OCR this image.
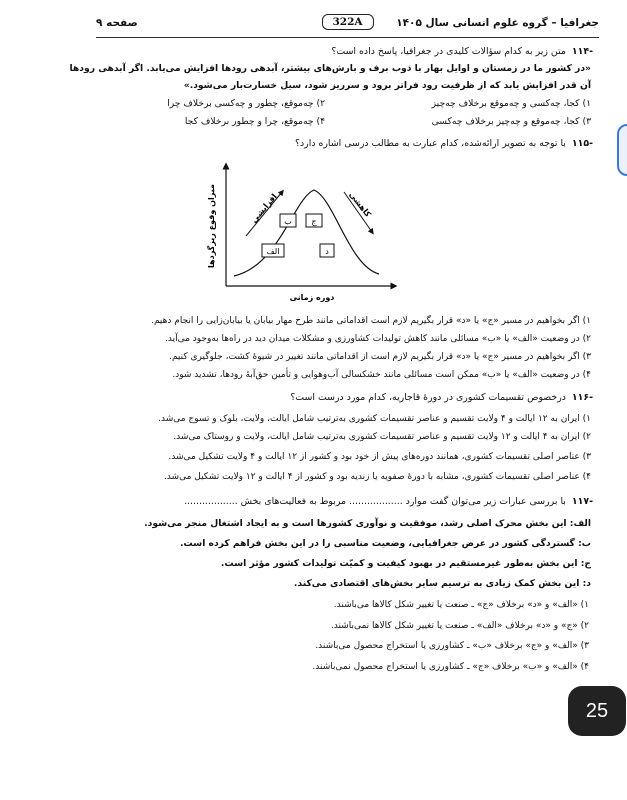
جغرافیا – گروه علوم انسانی سال ۱۴۰۵
322A
صفحه ۹
-۱۱۴متن زیر به کدام سؤالات کلیدی در جغرافیا، پاسخ داده است؟
«در کشور ما در زمستان و اوایل بهار با ذوب برف و بارش‌های بیشتر، آبدهی رودها افزایش می‌یابد. اگر آبدهی رودها
آن قدر افزایش یابد که از ظرفیت رود فراتر برود و سرریز شود، سیل خسارت‌بار می‌شود.»
۱) کجا، چه‌کسی و چه‌موقع برخلاف چه‌چیز
۲) چه‌موقع، چطور و چه‌کسی برخلاف چرا
۳) کجا، چه‌موقع و چه‌چیز برخلاف چه‌کسی
۴) چه‌موقع، چرا و چطور برخلاف کجا
-۱۱۵با توجه به تصویر ارائه‌شده، کدام عبارت به مطالب درسی اشاره دارد؟
افزایشی	کاهشی
ب ج
الف	د
میزان وقوع ریزگردها
دوره زمانی
۱) اگر بخواهیم در مسیر «ج» یا «د» قرار بگیریم لازم است اقداماتی مانند طرح مهار بیابان یا بیابان‌زایی را انجام دهیم.
۲) در وضعیت «الف» یا «ب» مسائلی مانند کاهش تولیدات کشاورزی و مشکلات میدان دید در راه‌ها به‌وجود می‌آید.
۳) اگر بخواهیم در مسیر «ج» یا «د» قرار بگیریم لازم است از اقداماتی مانند تغییر در شیوهٔ کشت، جلوگیری کنیم.
۴) در وضعیت «الف» یا «ب» ممکن است مسائلی مانند خشکسالی آب‌وهوایی و تأمین حق‌آبهٔ رودها، تشدید شود.
-۱۱۶درخصوص تقسیمات کشوری در دورهٔ قاجاریه، کدام مورد درست است؟
۱) ایران به ۱۲ ایالت و ۴ ولایت تقسیم و عناصر تقسیمات کشوری به‌ترتیب شامل ایالت، ولایت، بلوک و تسوج می‌شد.
۲) ایران به ۴ ایالت و ۱۲ ولایت تقسیم و عناصر تقسیمات کشوری به‌ترتیب شامل ایالت، ولایت و روستاک می‌شد.
۳) عناصر اصلی تقسیمات کشوری، همانند دوره‌های پیش از خود بود و کشور از ۱۲ ایالت و ۴ ولایت تشکیل می‌شد.
۴) عناصر اصلی تقسیمات کشوری، مشابه با دورهٔ صفویه یا زندیه بود و کشور از ۴ ایالت و ۱۲ ولایت تشکیل می‌شد.
-۱۱۷با بررسی عبارات زیر می‌توان گفت موارد .................. مربوط به فعالیت‌های بخش ..................
الف: این بخش محرک اصلی رشد، موفقیت و نوآوری کشورها است و به ایجاد اشتغال منجر می‌شود.
ب: گستردگی کشور در عرض جغرافیایی، وضعیت مناسبی را در این بخش فراهم کرده است.
ج: این بخش به‌طور غیرمستقیم در بهبود کیفیت و کمیّت تولیدات کشور مؤثر است.
د: این بخش کمک زیادی به ترسیم سایر بخش‌های اقتصادی می‌کند.
۱) «الف» و «د» برخلاف «ج» ـ صنعت یا تغییر شکل کالاها می‌باشند.
۲) «ج» و «د» برخلاف «الف» ـ صنعت یا تغییر شکل کالاها نمی‌باشند.
۳) «الف» و «ج» برخلاف «ب» ـ کشاورزی یا استخراج محصول می‌باشند.
۴) «الف» و «ب» برخلاف «ج» ـ کشاورزی یا استخراج محصول نمی‌باشند.
25
